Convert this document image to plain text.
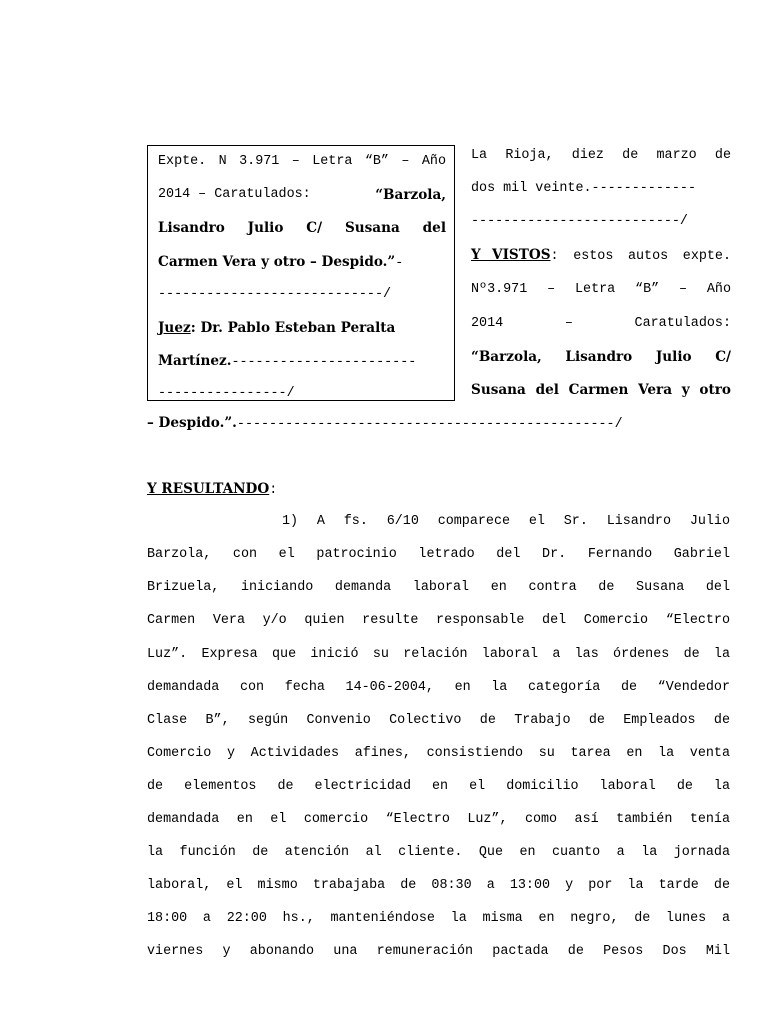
Expte. N 3.971 – Letra “B” – Año
2014 – Caratulados:	“Barzola,
Lisandro Julio C/ Susana del
Carmen Vera y otro – Despido.”-
----------------------------/
Juez: Dr. Pablo Esteban Peralta
Martínez.-----------------------
----------------/
La Rioja, diez de marzo de
dos mil veinte.-------------
--------------------------/
Y VISTOS: estos autos expte.
Nº3.971 – Letra “B” – Año
2014 – Caratulados:
“Barzola, Lisandro Julio C/
Susana del Carmen Vera y otro
– Despido.”.-----------------------------------------------/
Y RESULTANDO:
1) A fs. 6/10 comparece el Sr. Lisandro Julio
Barzola, con el patrocinio letrado del Dr. Fernando Gabriel
Brizuela, iniciando demanda laboral en contra de Susana del
Carmen Vera y/o quien resulte responsable del Comercio “Electro
Luz”. Expresa que inició su relación laboral a las órdenes de la
demandada con fecha 14-06-2004, en la categoría de “Vendedor
Clase B”, según Convenio Colectivo de Trabajo de Empleados de
Comercio y Actividades afines, consistiendo su tarea en la venta
de elementos de electricidad en el domicilio laboral de la
demandada en el comercio “Electro Luz”, como así también tenía
la función de atención al cliente. Que en cuanto a la jornada
laboral, el mismo trabajaba de 08:30 a 13:00 y por la tarde de
18:00 a 22:00 hs., manteniéndose la misma en negro, de lunes a
viernes y abonando una remuneración pactada de Pesos Dos Mil
